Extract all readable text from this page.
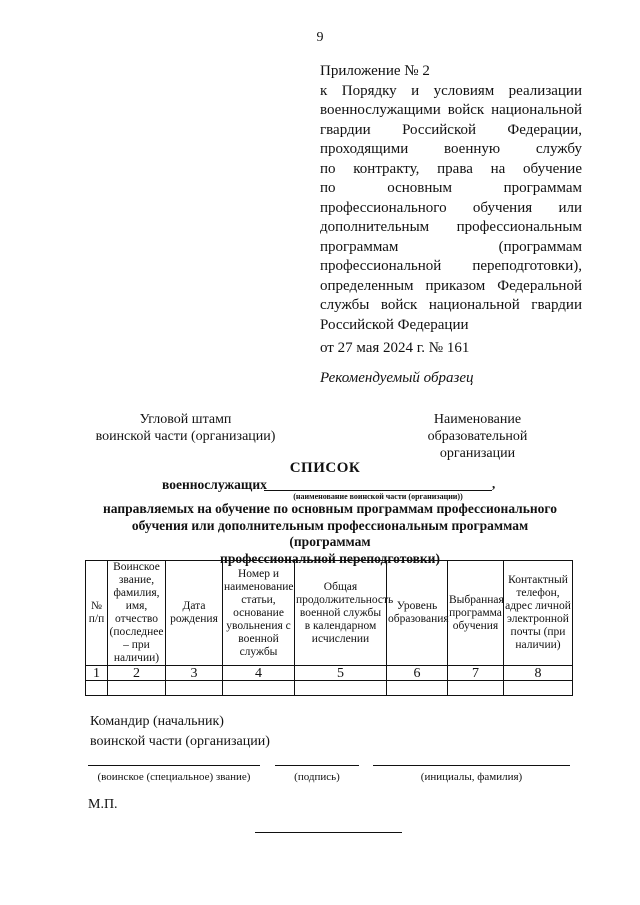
9
Приложение № 2
к Порядку и условиям реализации
военнослужащими войск национальной
гвардии Российской Федерации,
проходящими военную службу
по контракту, права на обучение
по основным программам
профессионального обучения или
дополнительным профессиональным
программам (программам
профессиональной переподготовки),
определенным приказом Федеральной
службы войск национальной гвардии
Российской Федерации
от 27 мая 2024 г. № 161
Рекомендуемый образец
Угловой штамп
воинской части (организации)
Наименование
образовательной организации
СПИСОК
военнослужащих	,
(наименование воинской части (организации))
направляемых на обучение по основным программам профессионального
обучения или дополнительным профессиональным программам (программам
профессиональной переподготовки)
№ п/п	Воинское звание, фамилия, имя, отчество (последнее – при наличии)	Дата рождения	Номер и наименование статьи, основание увольнения с военной службы	Общая продолжительность военной службы в календарном исчислении	Уровень образования	Выбранная программа обучения	Контактный телефон, адрес личной электронной почты (при наличии)
1	2	3	4	5	6	7	8

Командир (начальник)
воинской части (организации)
(воинское (специальное) звание)	(подпись)	(инициалы, фамилия)
М.П.
